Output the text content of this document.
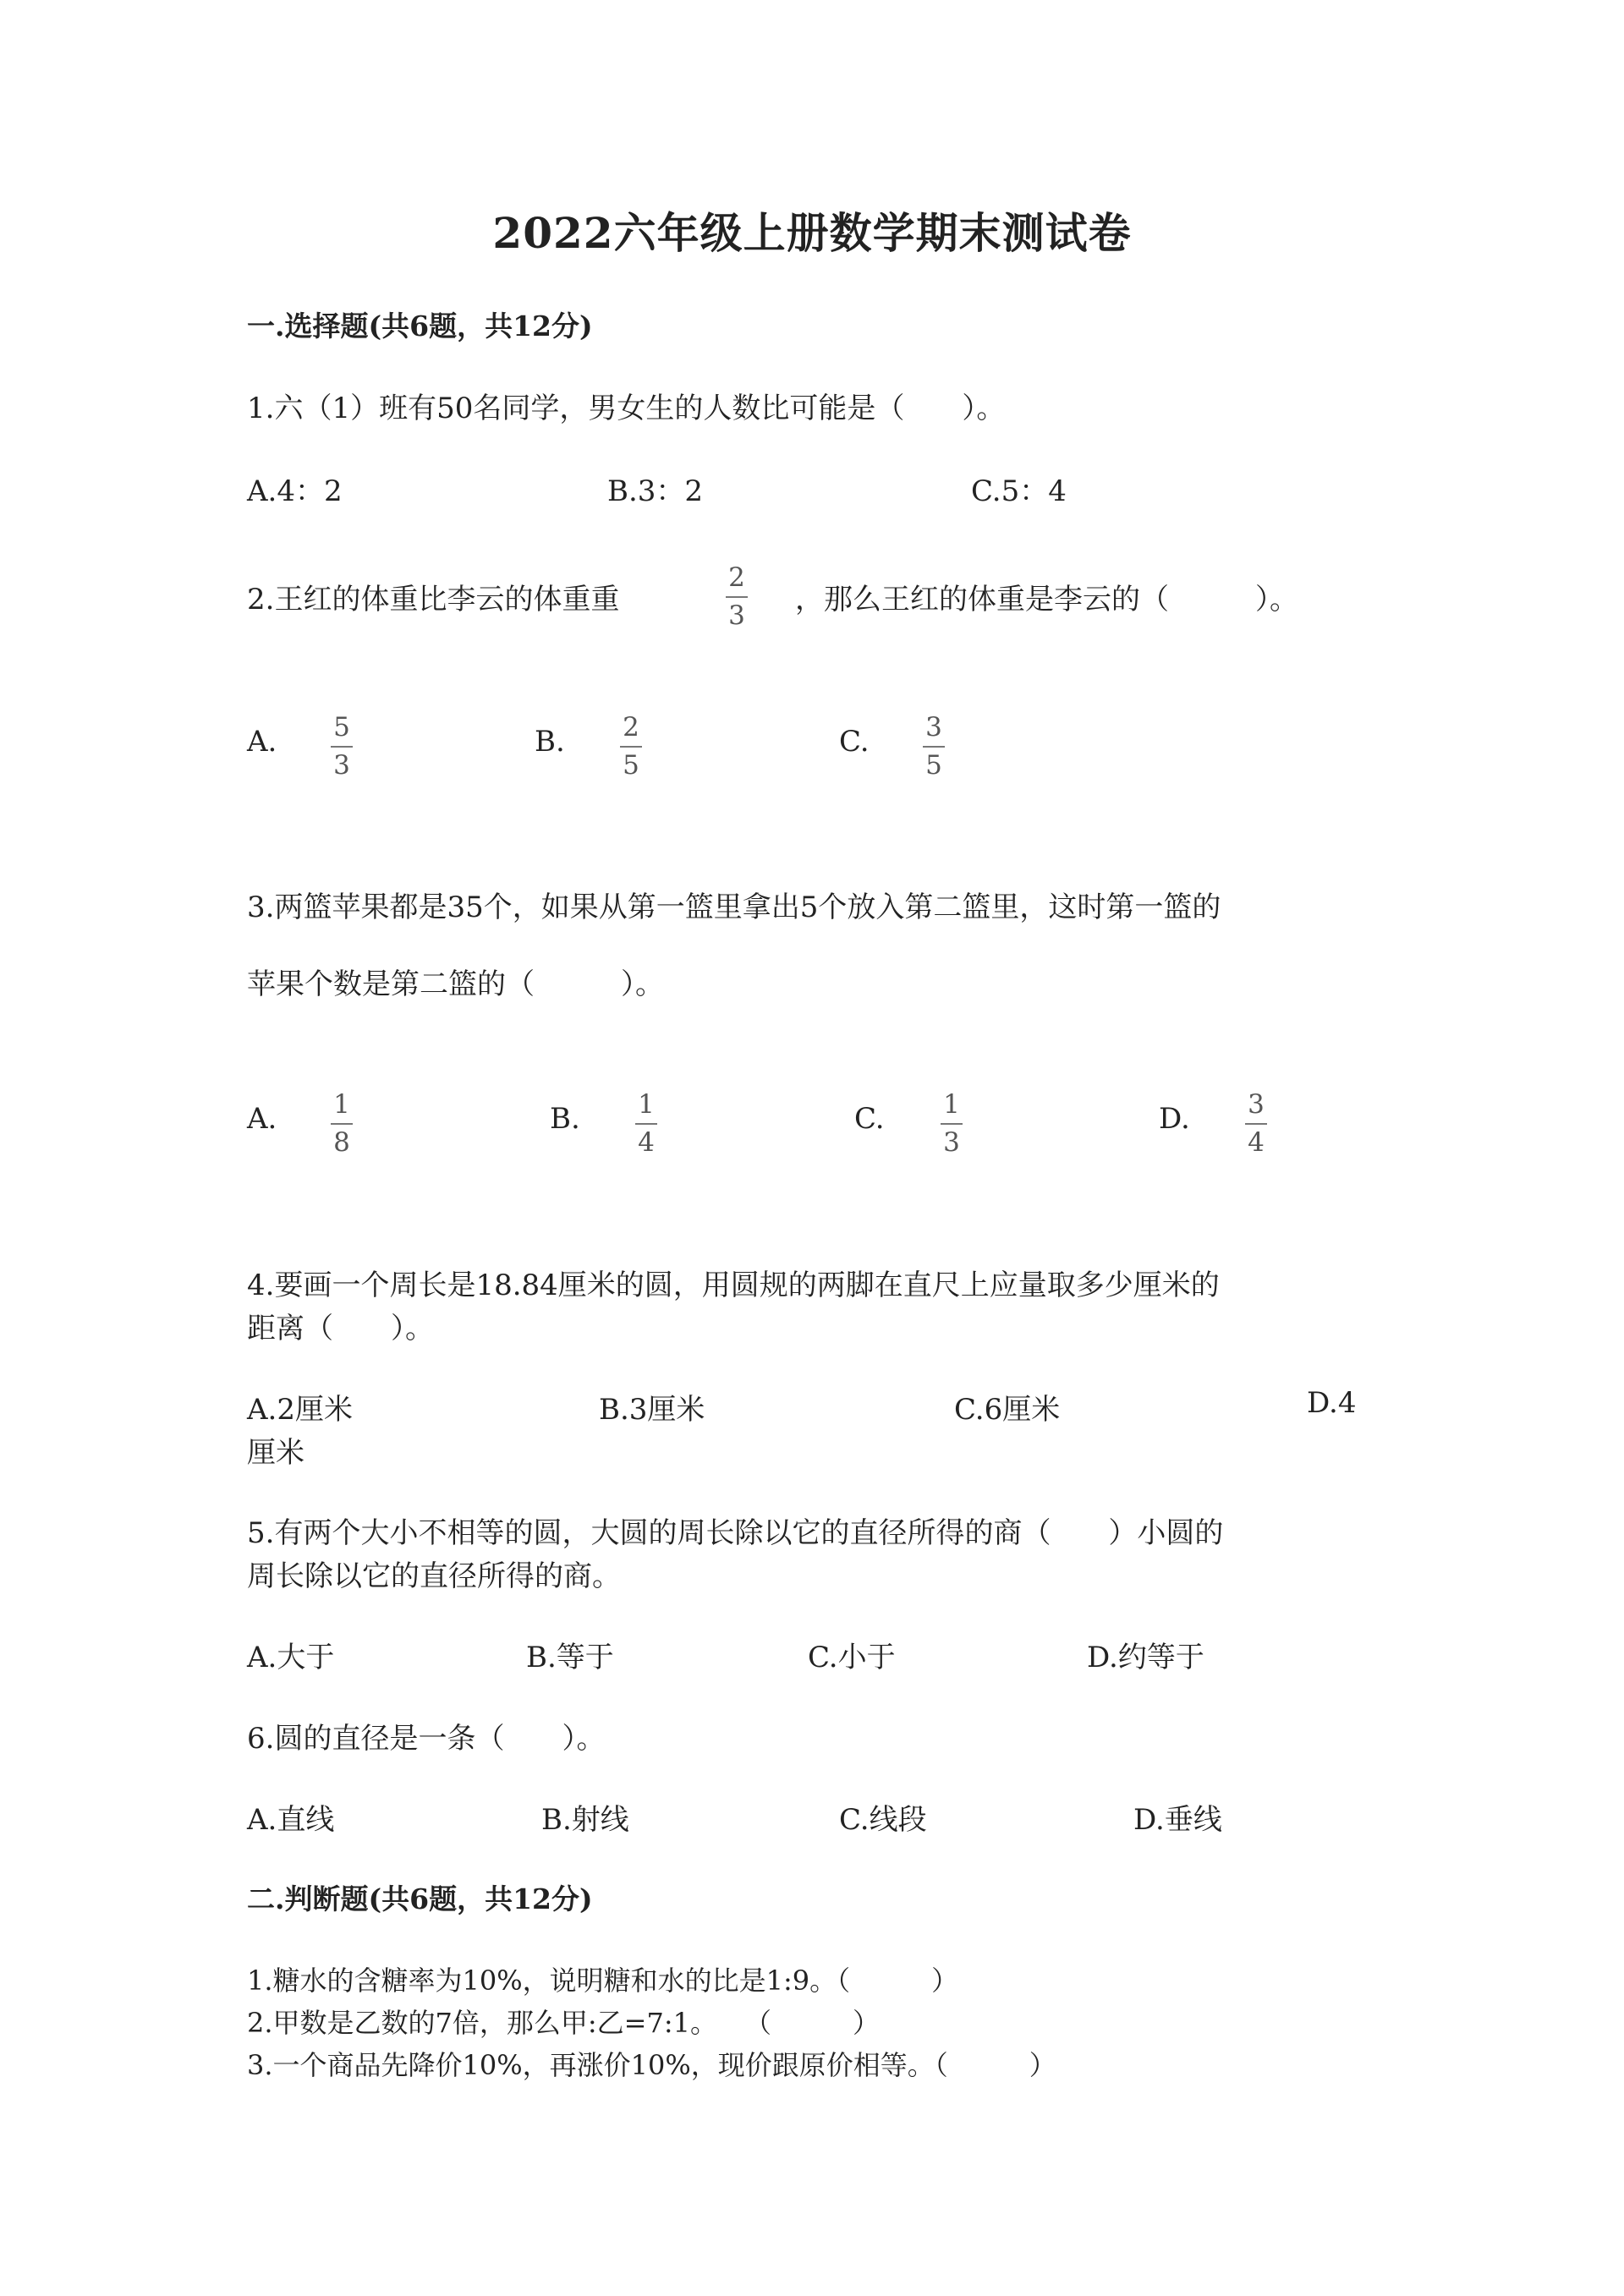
2022六年级上册数学期末测试卷
一.选择题(共6题，共12分)
1.六（1）班有50名同学，男女生的人数比可能是（　　）。
A.4：2	B.3：2	C.5：4
2.王红的体重比李云的体重重
2
3 ，那么王红的体重是李云的（　　　）。
A. 5
3
B. 2
5
C. 3
5
3.两篮苹果都是35个，如果从第一篮里拿出5个放入第二篮里，这时第一篮的
苹果个数是第二篮的（　　　）。
A. 1
8
B. 1
4
C. 1
3
D. 3
4
4.要画一个周长是18.84厘米的圆，用圆规的两脚在直尺上应量取多少厘米的
距离（　　）。
A.2厘米	B.3厘米	C.6厘米	D.4
厘米
5.有两个大小不相等的圆，大圆的周长除以它的直径所得的商（　　）小圆的
周长除以它的直径所得的商。
A.大于	B.等于	C.小于	D.约等于
6.圆的直径是一条（　　）。
A.直线	B.射线	C.线段	D.垂线
二.判断题(共6题，共12分)
1.糖水的含糖率为10%，说明糖和水的比是1:9。（　　　）
2.甲数是乙数的7倍，那么甲:乙=7:1。　　（　　　）
3.一个商品先降价10%，再涨价10%，现价跟原价相等。（　　　）
